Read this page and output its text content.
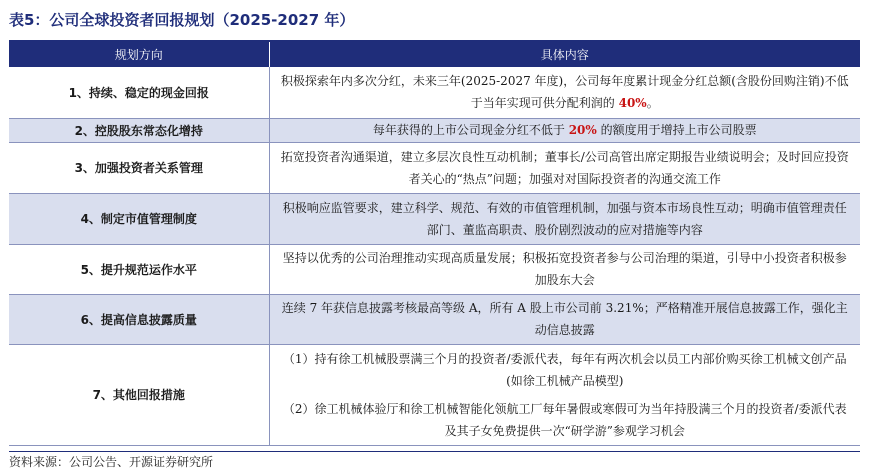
表5：公司全球投资者回报规划（2025-2027 年）
规划方向	具体内容
1、持续、稳定的现金回报	积极探索年内多次分红，未来三年(2025-2027 年度)，公司每年度累计现金分红总额(含股份回购注销)不低于当年实现可供分配利润的 40%。
2、控股股东常态化增持	每年获得的上市公司现金分红不低于 20% 的额度用于增持上市公司股票
3、加强投资者关系管理	拓宽投资者沟通渠道，建立多层次良性互动机制；董事长/公司高管出席定期报告业绩说明会；及时回应投资者关心的“热点”问题；加强对对国际投资者的沟通交流工作
4、制定市值管理制度	积极响应监管要求，建立科学、规范、有效的市值管理机制，加强与资本市场良性互动；明确市值管理责任部门、董监高职责、股价剧烈波动的应对措施等内容
5、提升规范运作水平	坚持以优秀的公司治理推动实现高质量发展；积极拓宽投资者参与公司治理的渠道，引导中小投资者积极参加股东大会
6、提高信息披露质量	连续 7 年获信息披露考核最高等级 A，所有 A 股上市公司前 3.21%；严格精准开展信息披露工作，强化主动信息披露
7、其他回报措施	（1）持有徐工机械股票满三个月的投资者/委派代表，每年有两次机会以员工内部价购买徐工机械文创产品(如徐工机械产品模型)
（2）徐工机械体验厅和徐工机械智能化领航工厂每年暑假或寒假可为当年持股满三个月的投资者/委派代表及其子女免费提供一次“研学游”参观学习机会
资料来源：公司公告、开源证券研究所
